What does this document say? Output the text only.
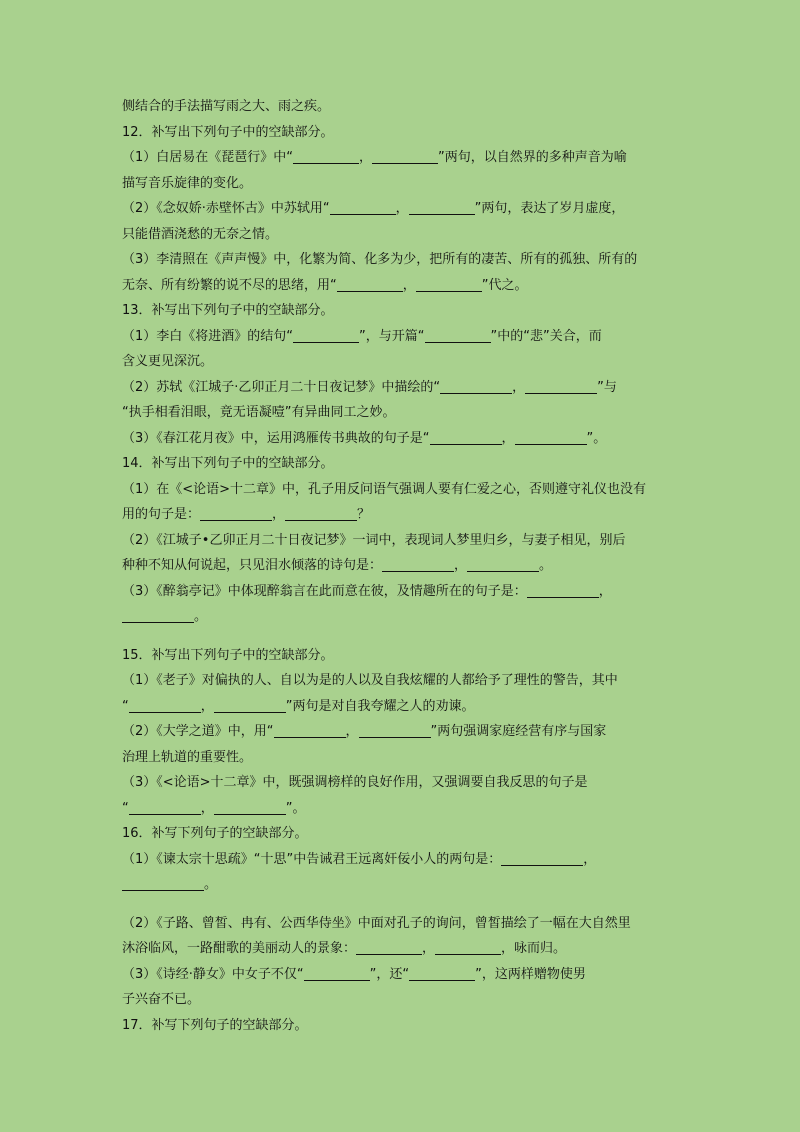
侧结合的手法描写雨之大、雨之疾。
12．补写出下列句子中的空缺部分。
（1）白居易在《琵琶行》中“	，	”两句，以自然界的多种声音为喻
描写音乐旋律的变化。
（2）《念奴娇·赤壁怀古》中苏轼用“	，	”两句，表达了岁月虚度，
只能借酒浇愁的无奈之情。
（3）李清照在《声声慢》中，化繁为简、化多为少，把所有的凄苦、所有的孤独、所有的
无奈、所有纷繁的说不尽的思绪，用“	，	”代之。
13．补写出下列句子中的空缺部分。
（1）李白《将进酒》的结句“	”，与开篇“	”中的“悲”关合，而
含义更见深沉。
（2）苏轼《江城子·乙卯正月二十日夜记梦》中描绘的“	，	”与
“执手相看泪眼，竟无语凝噎”有异曲同工之妙。
（3）《春江花月夜》中，运用鸿雁传书典故的句子是“	，	”。
14．补写出下列句子中的空缺部分。
（1）在《<论语>十二章》中，孔子用反问语气强调人要有仁爱之心，否则遵守礼仪也没有
用的句子是：	，	？
（2）《江城子•乙卯正月二十日夜记梦》一词中，表现词人梦里归乡，与妻子相见，别后
种种不知从何说起，只见泪水倾落的诗句是：	，	。
（3）《醉翁亭记》中体现醉翁言在此而意在彼，及情趣所在的句子是：	，
。
15．补写出下列句子中的空缺部分。
（1）《老子》对偏执的人、自以为是的人以及自我炫耀的人都给予了理性的警告，其中
“	，	”两句是对自我夸耀之人的劝谏。
（2）《大学之道》中，用“	，	”两句强调家庭经营有序与国家
治理上轨道的重要性。
（3）《<论语>十二章》中，既强调榜样的良好作用，又强调要自我反思的句子是
“	，	”。
16．补写下列句子的空缺部分。
（1）《谏太宗十思疏》“十思”中告诫君王远离奸佞小人的两句是：	，
。
（2）《子路、曾皙、冉有、公西华侍坐》中面对孔子的询问，曾皙描绘了一幅在大自然里
沐浴临风，一路酣歌的美丽动人的景象：	，	，咏而归。
（3）《诗经·静女》中女子不仅“	”，还“	”，这两样赠物使男
子兴奋不已。
17．补写下列句子的空缺部分。
